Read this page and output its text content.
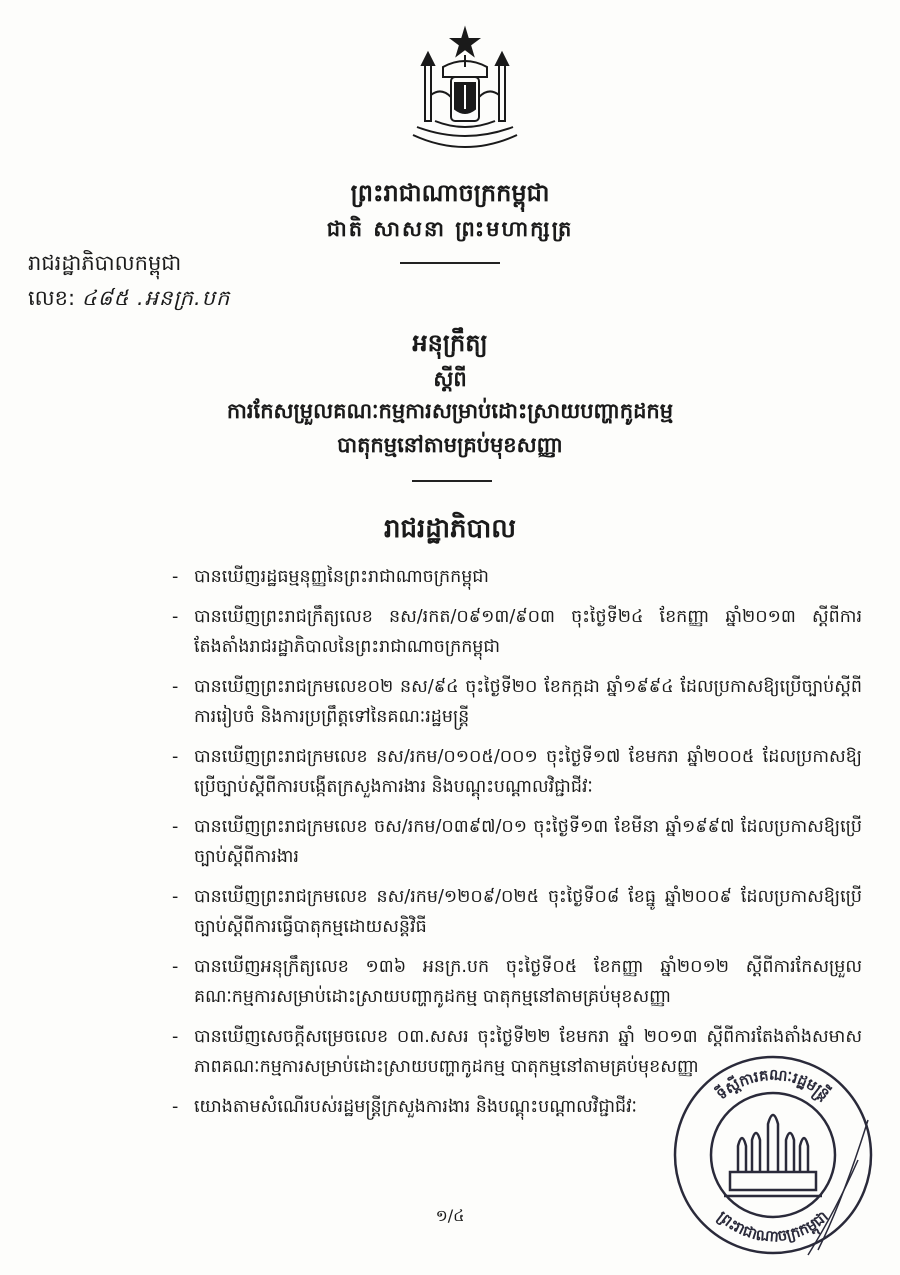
ព្រះរាជាណាចក្រកម្ពុជា
ជាតិ សាសនា ព្រះមហាក្សត្រ
រាជរដ្ឋាភិបាលកម្ពុជា
លេខ: ៤៨៥ .អនក្រ.បក
អនុក្រឹត្យ
ស្តីពី
ការកែសម្រួលគណៈកម្មការសម្រាប់ដោះស្រាយបញ្ហាកូដកម្ម
បាតុកម្មនៅតាមគ្រប់មុខសញ្ញា
រាជរដ្ឋាភិបាល
- បានឃើញរដ្ឋធម្មនុញ្ញនៃព្រះរាជាណាចក្រកម្ពុជា
- បានឃើញព្រះរាជក្រឹត្យលេខ នស/រកត/០៩១៣/៩០៣ ចុះថ្ងៃទី២៤ ខែកញ្ញា ឆ្នាំ២០១៣ ស្តីពីការតែងតាំងរាជរដ្ឋាភិបាលនៃព្រះរាជាណាចក្រកម្ពុជា
- បានឃើញព្រះរាជក្រមលេខ០២ នស/៩៤ ចុះថ្ងៃទី២០ ខែកក្កដា ឆ្នាំ១៩៩៤ ដែលប្រកាសឱ្យប្រើច្បាប់ស្តីពីការរៀបចំ និងការប្រព្រឹត្តទៅនៃគណៈរដ្ឋមន្ត្រី
- បានឃើញព្រះរាជក្រមលេខ នស/រកម/០១០៥/០០១ ចុះថ្ងៃទី១៧ ខែមករា ឆ្នាំ២០០៥ ដែលប្រកាសឱ្យប្រើច្បាប់ស្តីពីការបង្កើតក្រសួងការងារ និងបណ្តុះបណ្តាលវិជ្ជាជីវៈ
- បានឃើញព្រះរាជក្រមលេខ ចស/រកម/០៣៩៧/០១ ចុះថ្ងៃទី១៣ ខែមីនា ឆ្នាំ១៩៩៧ ដែលប្រកាសឱ្យប្រើច្បាប់ស្តីពីការងារ
- បានឃើញព្រះរាជក្រមលេខ នស/រកម/១២០៩/០២៥ ចុះថ្ងៃទី០៨ ខែធ្នូ ឆ្នាំ២០០៩ ដែលប្រកាសឱ្យប្រើច្បាប់ស្តីពីការធ្វើបាតុកម្មដោយសន្តិវិធី
- បានឃើញអនុក្រឹត្យលេខ ១៣៦ អនក្រ.បក ចុះថ្ងៃទី០៥ ខែកញ្ញា ឆ្នាំ២០១២ ស្តីពីការកែសម្រួលគណៈកម្មការសម្រាប់ដោះស្រាយបញ្ហាកូដកម្ម បាតុកម្មនៅតាមគ្រប់មុខសញ្ញា
- បានឃើញសេចក្តីសម្រេចលេខ ០៣.សសរ ចុះថ្ងៃទី២២ ខែមករា ឆ្នាំ ២០១៣ ស្តីពីការតែងតាំងសមាសភាពគណៈកម្មការសម្រាប់ដោះស្រាយបញ្ហាកូដកម្ម បាតុកម្មនៅតាមគ្រប់មុខសញ្ញា
- យោងតាមសំណើរបស់រដ្ឋមន្ត្រីក្រសួងការងារ និងបណ្តុះបណ្តាលវិជ្ជាជីវៈ
ទីស្តីការគណៈរដ្ឋមន្ត្រី
ព្រះរាជាណាចក្រកម្ពុជា
១/៤
